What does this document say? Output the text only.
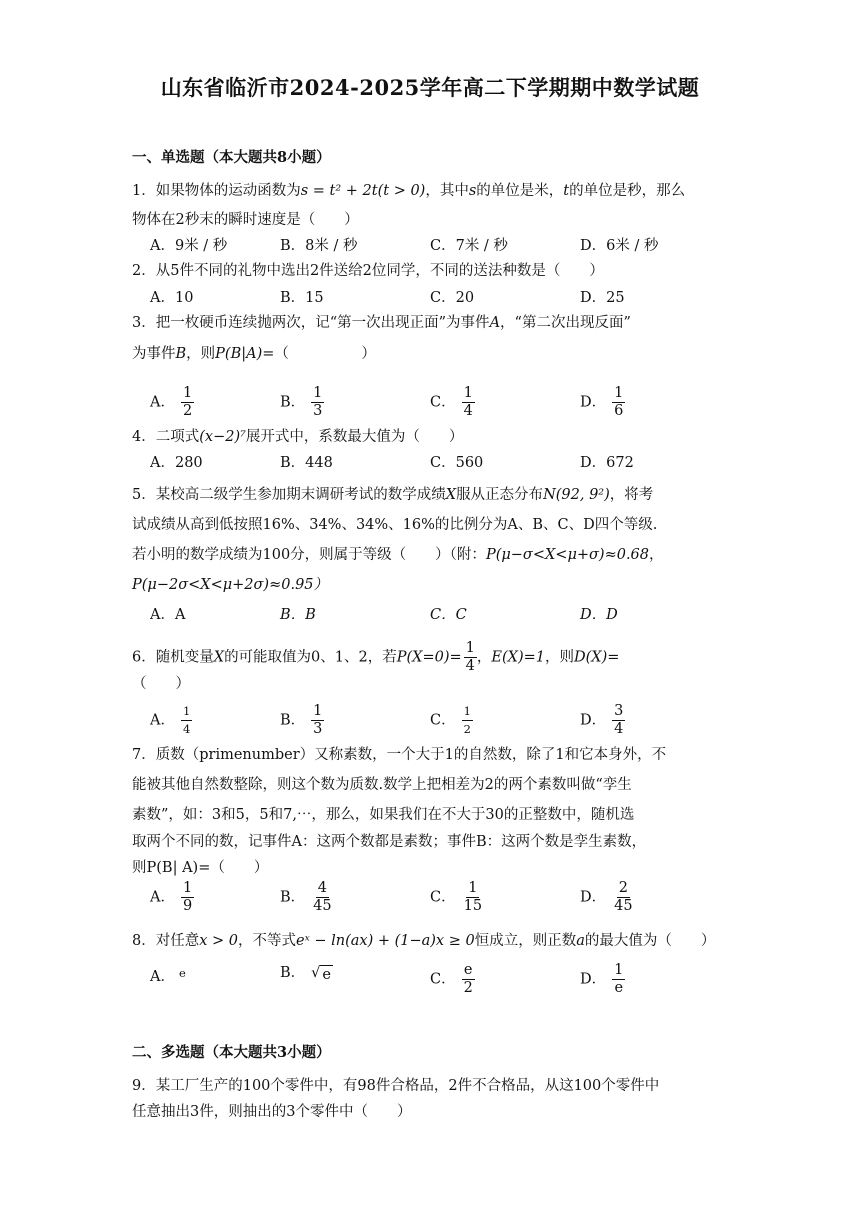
山东省临沂市2024-2025学年高二下学期期中数学试题
一、单选题（本大题共8小题）
1．如果物体的运动函数为s = t² + 2t(t > 0)，其中s的单位是米，t的单位是秒，那么
物体在2秒末的瞬时速度是（　　）
A．9米 / 秒	B．8米 / 秒	C．7米 / 秒	D．6米 / 秒
2．从5件不同的礼物中选出2件送给2位同学，不同的送法种数是（　　）
A．10	B．15	C．20	D．25
3．把一枚硬币连续抛两次，记“第一次出现正面”为事件A，“第二次出现反面”
为事件B，则P(B|A)=（　　　　　）
A． $\frac{1}{2}$	B． $\frac{1}{3}$	C． $\frac{1}{4}$	D． $\frac{1}{6}$
4．二项式(x−2)⁷展开式中，系数最大值为（　　）
A．280	B．448	C．560	D．672
5．某校高二级学生参加期末调研考试的数学成绩X服从正态分布N(92, 9²)，将考
试成绩从高到低按照16%、34%、34%、16%的比例分为A、B、C、D四个等级.
若小明的数学成绩为100分，则属于等级（　　）（附：P(μ−σ<X<μ+σ)≈0.68，
P(μ−2σ<X<μ+2σ)≈0.95）
A．A	B．B	C．C	D．D
6．随机变量X的可能取值为0、1、2，若$P(X=0)= \frac{1}{4}$ ，E(X)=1，则D(X)=
（　　）
A． $\frac{1}{4}$	B． $\frac{1}{3}$	C． $\frac{1}{2}$	D． $\frac{3}{4}$
7．质数（primenumber）又称素数，一个大于1的自然数，除了1和它本身外，不
能被其他自然数整除，则这个数为质数.数学上把相差为2的两个素数叫做“孪生
素数”，如：3和5，5和7,⋯，那么，如果我们在不大于30的正整数中，随机选
取两个不同的数，记事件A：这两个数都是素数；事件B：这两个数是孪生素数，
则P(B| A)=（　　）
A． $\frac{1}{9}$	B． $\frac{4}{45}$	C． $\frac{1}{15}$	D． $\frac{2}{45}$
8．对任意x > 0，不等式eˣ − ln(ax) + (1−a)x ≥ 0恒成立，则正数a的最大值为（　　）
A． $^e$	B． √ e	C． $\frac{e}{2}$	D． $\frac{1}{e}$
二、多选题（本大题共3小题）
9．某工厂生产的100个零件中，有98件合格品，2件不合格品，从这100个零件中
任意抽出3件，则抽出的3个零件中（　　）
